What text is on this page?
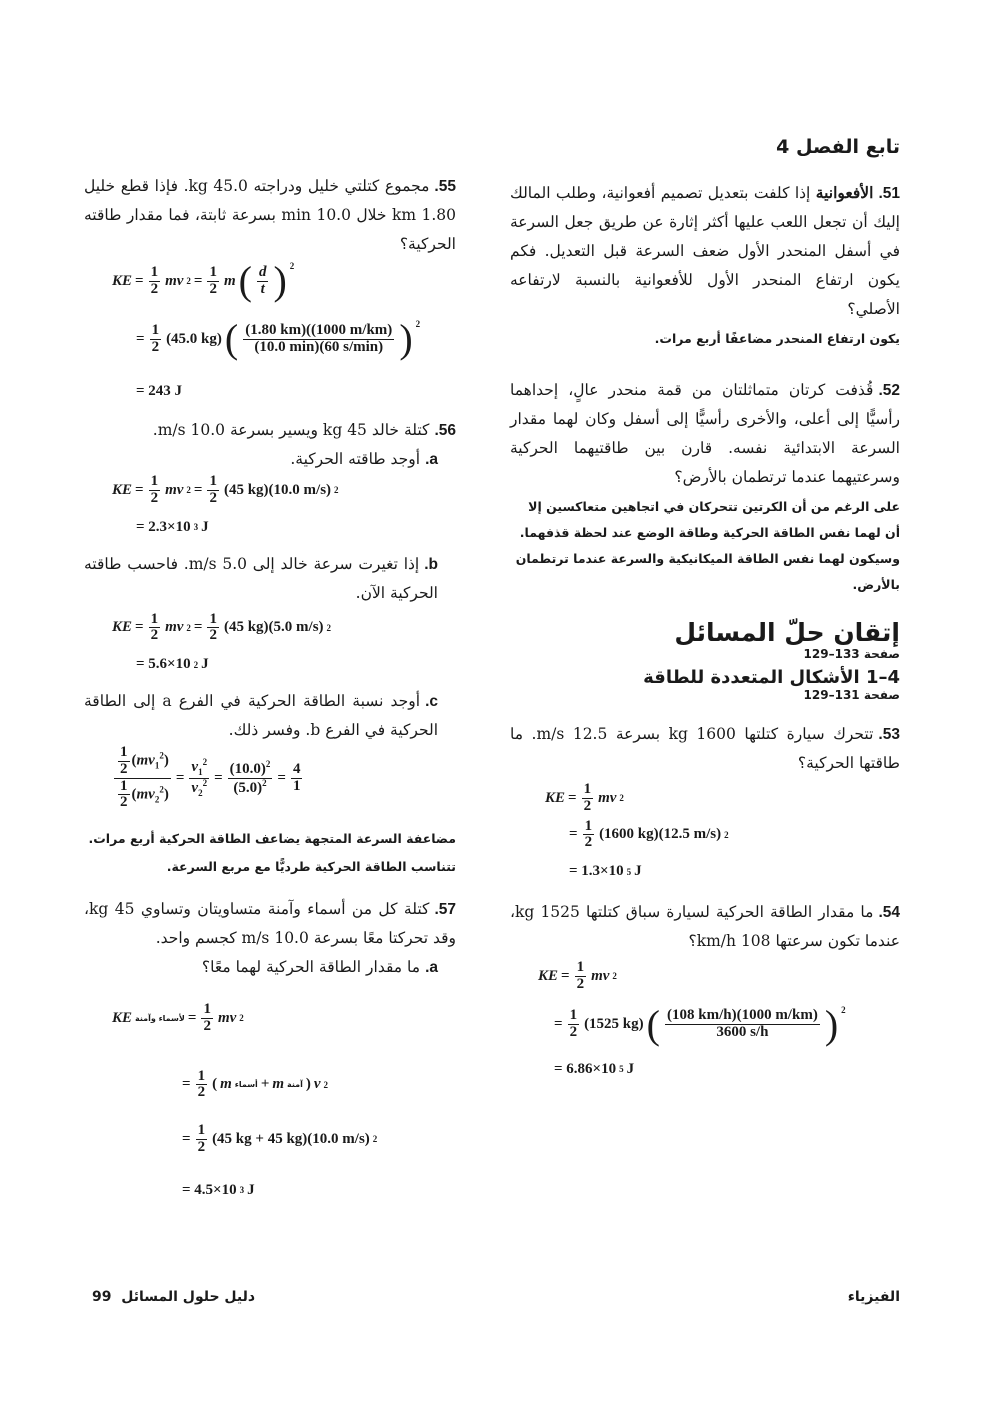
تابع الفصل 4

51.الأفعوانية إذا كلفت بتعديل تصميم أفعوانية، وطلب المالك إليك أن تجعل اللعب عليها أكثر إثارة عن طريق جعل السرعة في أسفل المنحدر الأول ضعف السرعة قبل التعديل. فكم يكون ارتفاع المنحدر الأول للأفعوانية بالنسبة لارتفاعه الأصلي؟

يكون ارتفاع المنحدر مضاعفًا أربع مرات.

52.قُذفت كرتان متماثلتان من قمة منحدر عالٍ، إحداهما رأسيًّا إلى أعلى، والأخرى رأسيًّا إلى أسفل وكان لهما مقدار السرعة الابتدائية نفسه. قارن بين طاقتيهما الحركية وسرعتيهما عندما ترتطمان بالأرض؟

على الرغم من أن الكرتين تتحركان في اتجاهين متعاكسين إلا أن لهما نفس الطاقة الحركية وطاقة الوضع عند لحظة قذفهما. وسيكون لهما نفس الطاقة الميكانيكية والسرعة عندما ترتطمان بالأرض.

إتقان حلّ المسائل

صفحة 133–129

4–1 الأشكال المتعددة للطاقة

صفحة 131–129

53.تتحرك سيارة كتلتها 1600 kg بسرعة 12.5 m/s. ما طاقتها الحركية؟

KE = $\frac{1}{2}$ mv 2
= $\frac{1}{2} (1600$ kg)(12.5 m/s) 2
= 1.3×10 5 J

54.ما مقدار الطاقة الحركية لسيارة سباق كتلتها 1525 kg، عندما تكون سرعتها 108 km/h؟

KE = $\frac{1}{2}$ mv 2
= $\frac{1}{2} (1525$ kg) ( $\frac{(108 km/h)(1000 m/km)}{3600 s/h}$ ) $^2$
= 6.86×10 5 J

55.مجموع كتلتي خليل ودراجته 45.0 kg. فإذا قطع خليل 1.80 km خلال 10.0 min بسرعة ثابتة، فما مقدار طاقته الحركية؟

KE = $\frac{1}{2}$ mv $2 = \frac{1}{2}$ m ( $\frac{d}{t}$ ) $^2$
= $\frac{1}{2} (45.0$ kg) ( $\frac{(1.80 km)((1000 m/km)}{(10.0 \min)(60 s/\min)}$ ) $^2$
= 243 J

56.كتلة خالد 45 kg ويسير بسرعة 10.0 m/s.

a.أوجد طاقته الحركية.

KE = $\frac{1}{2}$ mv $2 = \frac{1}{2} (45$ kg)(10.0 m/s) 2
= 2.3×10 3 J

b.إذا تغيرت سرعة خالد إلى 5.0 m/s. فاحسب طاقته الحركية الآن.

KE = $\frac{1}{2}$ mv $2 = \frac{1}{2} (45$ kg)(5.0 m/s) 2
= 5.6×10 2 J

c.أوجد نسبة الطاقة الحركية في الفرع a إلى الطاقة الحركية في الفرع b. وفسر ذلك.

$\frac{\frac{1}{2} (mv_1^2)}{\frac{1}{2} (mv_2^2)} = \frac{v_1^2}{v_2^2} = \frac{(10.0)^2}{(5.0)^2} = \frac{4}{1}$

مضاعفة السرعة المتجهة يضاعف الطاقة الحركية أربع مرات. تتناسب الطاقة الحركية طرديًّا مع مربع السرعة.

57.كتلة كل من أسماء وآمنة متساويتان وتساوي 45 kg، وقد تحركتا معًا بسرعة 10.0 m/s كجسم واحد.

a.ما مقدار الطاقة الحركية لهما معًا؟

KE لأسماء وآمنة = $\frac{1}{2}$ mv 2
= $\frac{1}{2}$ ( m أسماء + m آمنة ) v 2
= $\frac{1}{2} (45$ kg + 45 kg)(10.0 m/s) 2
= 4.5×10 3 J
الفيزياء
دليل حلول المسائل  99
